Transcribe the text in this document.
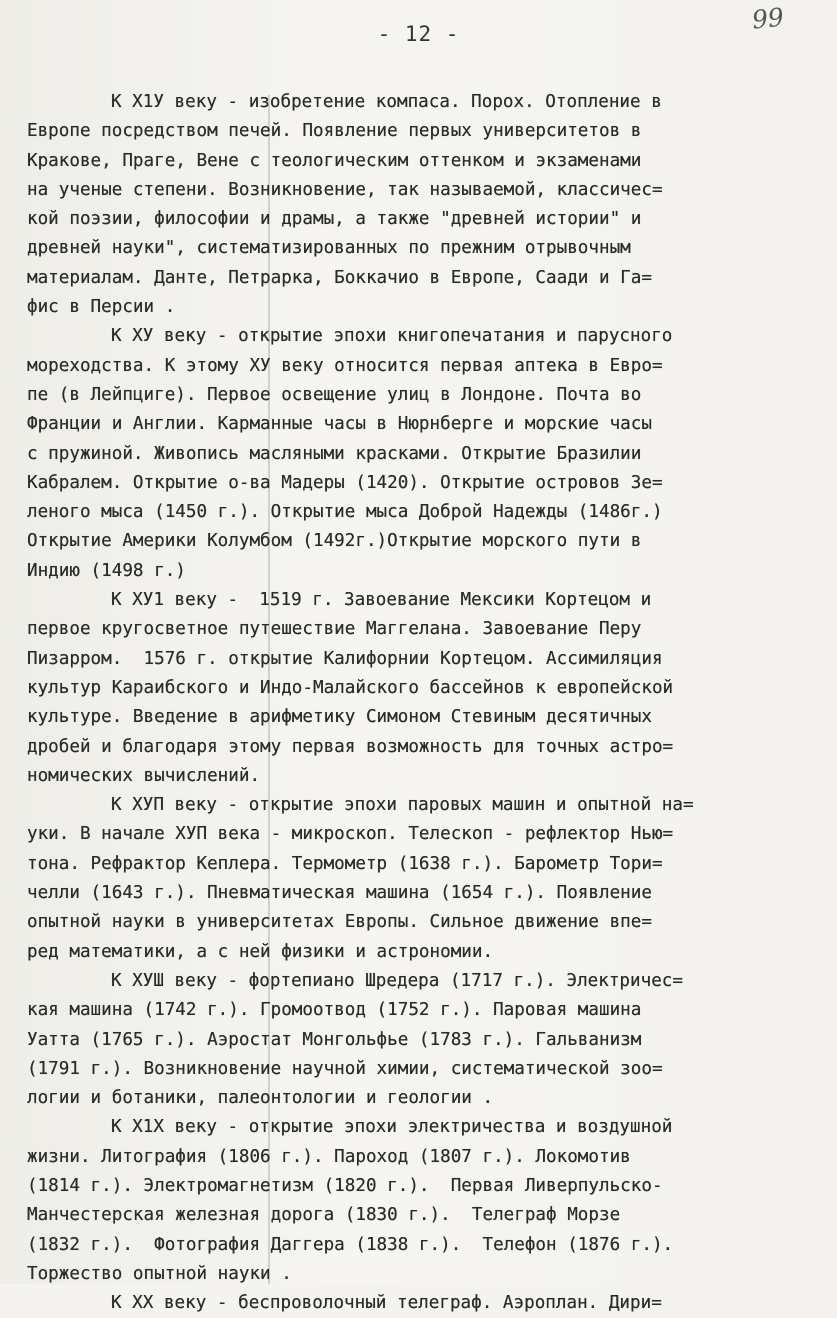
- 12 -	99
К Х1У веку - изобретение компаса. Порох. Отопление в
Европе посредством печей. Появление первых университетов в
Кракове, Праге, Вене с теологическим оттенком и экзаменами
на ученые степени. Возникновение, так называемой, классичес=
кой поэзии, философии и драмы, а также "древней истории" и
древней науки", систематизированных по прежним отрывочным
материалам. Данте, Петрарка, Боккачио в Европе, Саади и Га=
фис в Персии .
К ХУ веку - открытие эпохи книгопечатания и парусного
мореходства. К этому ХУ веку относится первая аптека в Евро=
пе (в Лейпциге). Первое освещение улиц в Лондоне. Почта во
Франции и Англии. Карманные часы в Нюрнберге и морские часы
с пружиной. Живопись масляными красками. Открытие Бразилии
Кабралем. Открытие о-ва Мадеры (1420). Открытие островов Зе=
леного мыса (1450 г.). Открытие мыса Доброй Надежды (1486г.)
Открытие Америки Колумбом (1492г.)Открытие морского пути в
Индию (1498 г.)
К ХУ1 веку -  1519 г. Завоевание Мексики Кортецом и
первое кругосветное путешествие Маггелана. Завоевание Перу
Пизарром.  1576 г. открытие Калифорнии Кортецом. Ассимиляция
культур Караибского и Индо-Малайского бассейнов к европейской
культуре. Введение в арифметику Симоном Стевиным десятичных
дробей и благодаря этому первая возможность для точных астро=
номических вычислений.
К ХУП веку - открытие эпохи паровых машин и опытной на=
уки. В начале ХУП века - микроскоп. Телескоп - рефлектор Нью=
тона. Рефрактор Кеплера. Термометр (1638 г.). Барометр Тори=
челли (1643 г.). Пневматическая машина (1654 г.). Появление
опытной науки в университетах Европы. Сильное движение впе=
ред математики, а с ней физики и астрономии.
К ХУШ веку - фортепиано Шредера (1717 г.). Электричес=
кая машина (1742 г.). Громоотвод (1752 г.). Паровая машина
Уатта (1765 г.). Аэростат Монгольфье (1783 г.). Гальванизм
(1791 г.). Возникновение научной химии, систематической зоо=
логии и ботаники, палеонтологии и геологии .
К Х1Х веку - открытие эпохи электричества и воздушной
жизни. Литография (1806 г.). Пароход (1807 г.). Локомотив
(1814 г.). Электромагнетизм (1820 г.).  Первая Ливерпульско-
Манчестерская железная дорога (1830 г.).  Телеграф Морзе
(1832 г.).  Фотография Даггера (1838 г.).  Телефон (1876 г.).
Торжество опытной науки .
К ХХ веку - беспроволочный телеграф. Аэроплан. Дири=
